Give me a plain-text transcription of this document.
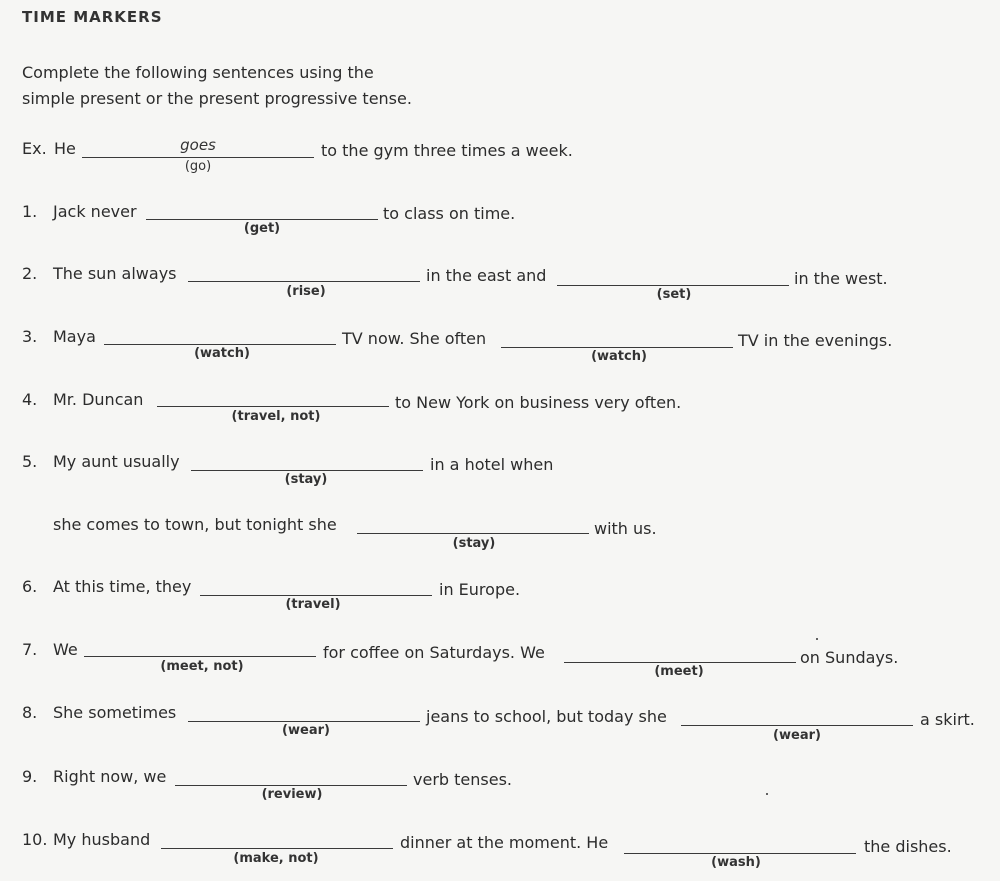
TIME MARKERS
Complete the following sentences using the
simple present or the present progressive tense.
Ex. He	goes
(go)
to the gym three times a week.
1. Jack never
(get)
to class on time.
2. The sun always
(rise)
in the east and
(set)
in the west.
3. Maya
(watch)
TV now. She often
(watch)
TV in the evenings.
4. Mr. Duncan
(travel, not)
to New York on business very often.
5. My aunt usually
(stay)
in a hotel when
she comes to town, but tonight she
(stay)
with us.
6. At this time, they
(travel)
in Europe.
7. We
(meet, not)
for coffee on Saturdays. We
(meet)
on Sundays.
8. She sometimes
(wear)
jeans to school, but today she
(wear)
a skirt.
9. Right now, we
(review)
verb tenses.
10. My husband
(make, not)
dinner at the moment. He
(wash)
the dishes.
